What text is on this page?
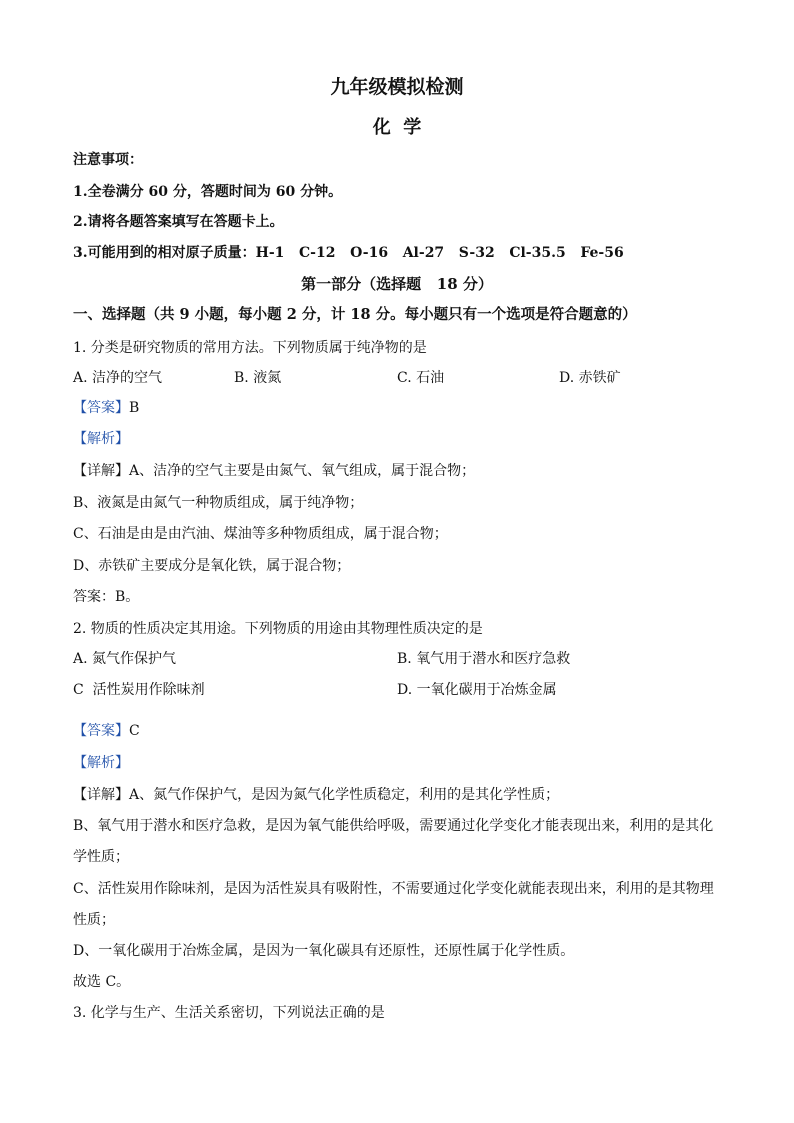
九年级模拟检测
化  学
注意事项：
1.全卷满分 60 分，答题时间为 60 分钟。
2.请将各题答案填写在答题卡上。
3.可能用到的相对原子质量：H-1   C-12   O-16   Al-27   S-32   Cl-35.5   Fe-56
第一部分（选择题   18 分）
一、选择题（共 9 小题，每小题 2 分，计 18 分。每小题只有一个选项是符合题意的）
1. 分类是研究物质的常用方法。下列物质属于纯净物的是
A. 洁净的空气	B. 液氮	C. 石油	D. 赤铁矿
【答案】B
【解析】
【详解】A、洁净的空气主要是由氮气、氧气组成，属于混合物；
B、液氮是由氮气一种物质组成，属于纯净物；
C、石油是由是由汽油、煤油等多种物质组成，属于混合物；
D、赤铁矿主要成分是氧化铁，属于混合物；
答案：B。
2. 物质的性质决定其用途。下列物质的用途由其物理性质决定的是
A. 氮气作保护气	B. 氧气用于潜水和医疗急救
C  活性炭用作除味剂	D. 一氧化碳用于冶炼金属
【答案】C
【解析】
【详解】A、氮气作保护气，是因为氮气化学性质稳定，利用的是其化学性质；
B、氧气用于潜水和医疗急救，是因为氧气能供给呼吸，需要通过化学变化才能表现出来，利用的是其化
学性质；
C、活性炭用作除味剂，是因为活性炭具有吸附性，不需要通过化学变化就能表现出来，利用的是其物理
性质；
D、一氧化碳用于冶炼金属，是因为一氧化碳具有还原性，还原性属于化学性质。
故选 C。
3. 化学与生产、生活关系密切，下列说法正确的是
